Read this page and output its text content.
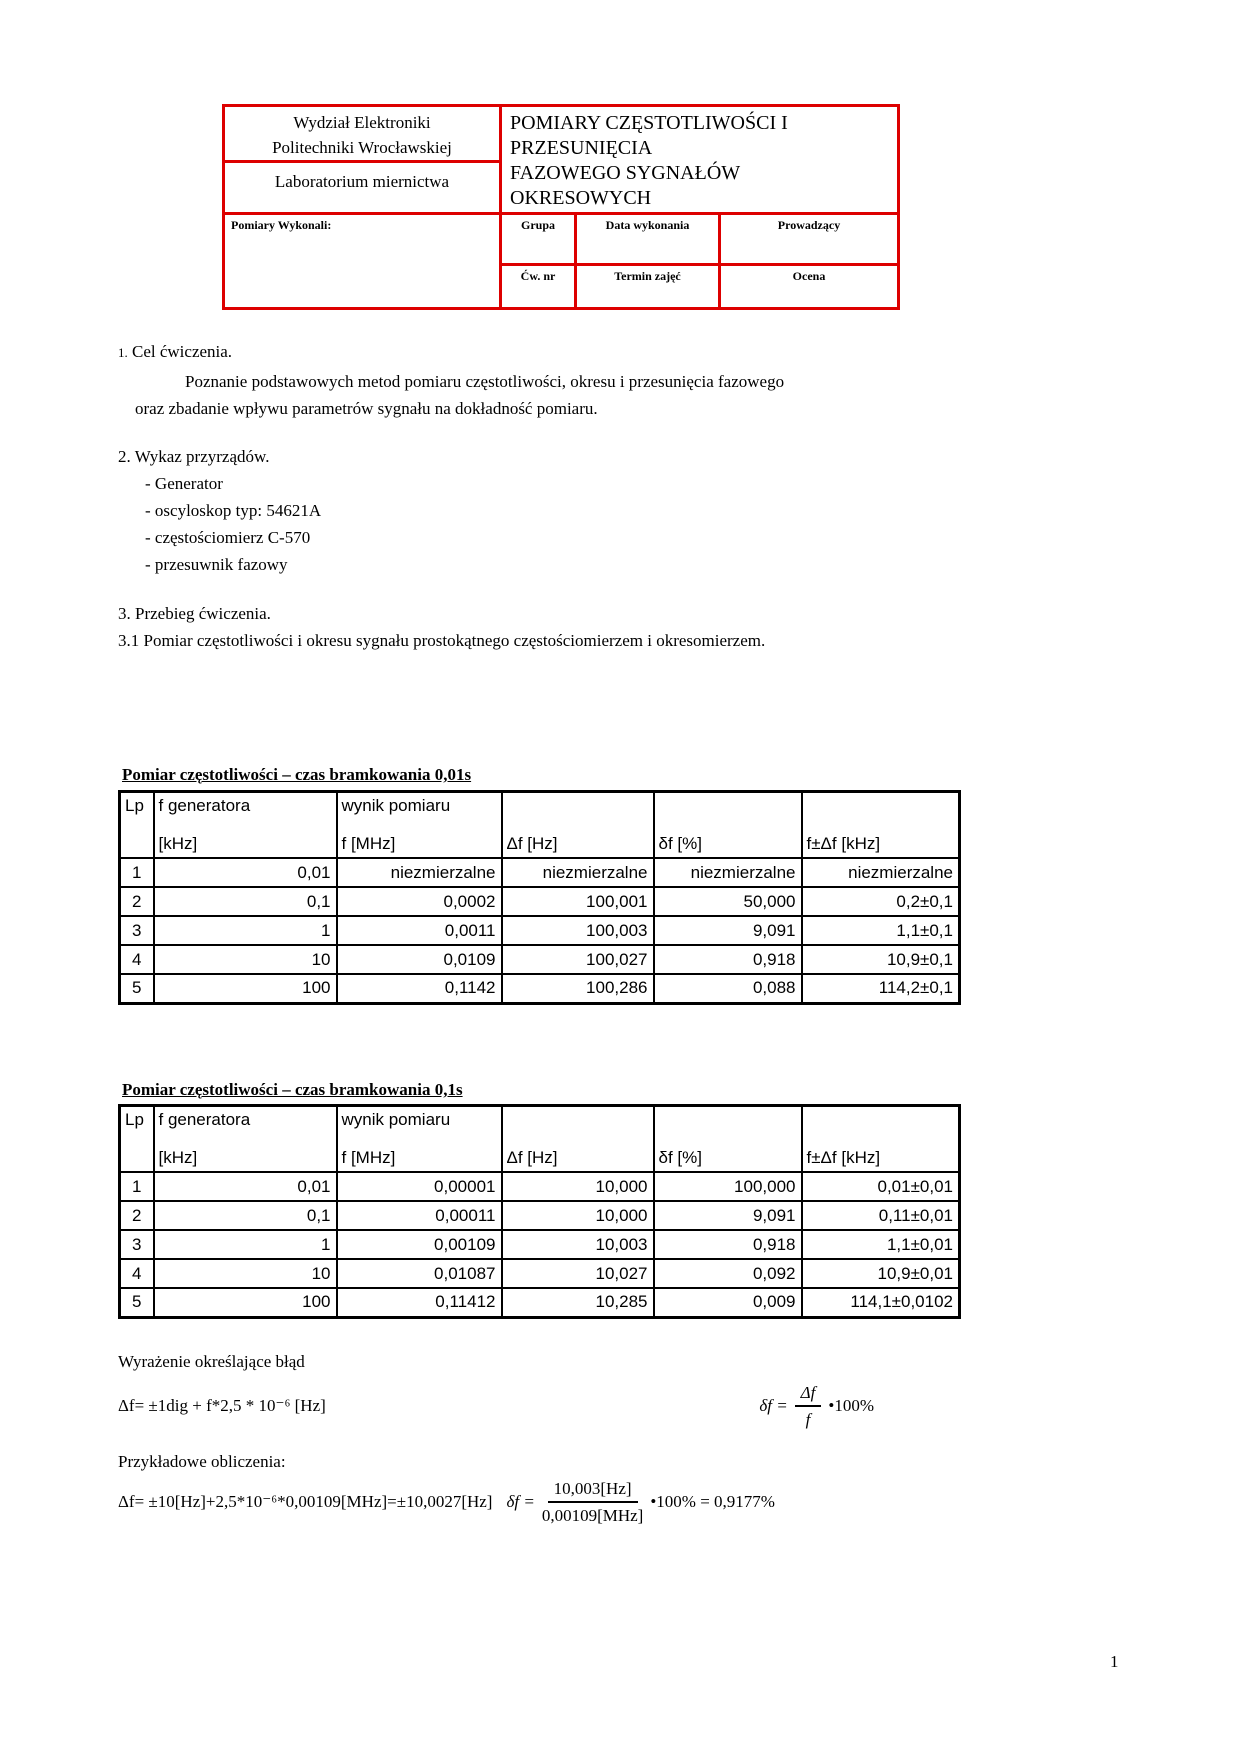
Wydział Elektroniki
Politechniki Wrocławskiej
Laboratorium miernictwa
POMIARY CZĘSTOTLIWOŚCI I
PRZESUNIĘCIA
FAZOWEGO SYGNAŁÓW
OKRESOWYCH
Pomiary Wykonali:	Grupa	Data wykonania	Prowadzący
Ćw. nr	Termin zajęć	Ocena
1. Cel ćwiczenia.
Poznanie podstawowych metod pomiaru częstotliwości, okresu i przesunięcia fazowego
oraz zbadanie wpływu parametrów sygnału na dokładność pomiaru.
2. Wykaz przyrządów.
- Generator
- oscyloskop typ: 54621A
- częstościomierz C-570
- przesuwnik fazowy
3. Przebieg ćwiczenia.
3.1 Pomiar częstotliwości i okresu sygnału prostokątnego częstościomierzem i okresomierzem.
Pomiar częstotliwości – czas bramkowania 0,01s
Lp	f generatora
[kHz]

wynik pomiaru
f [MHz]	Δf [Hz]	δf [%]	f±Δf [kHz]

1	0,01	niezmierzalne	niezmierzalne	niezmierzalne	niezmierzalne
2	0,1	0,0002	100,001	50,000	0,2±0,1
3	1	0,0011	100,003	9,091	1,1±0,1
4	10	0,0109	100,027	0,918	10,9±0,1
5	100	0,1142	100,286	0,088	114,2±0,1
Pomiar częstotliwości – czas bramkowania 0,1s
Lp	f generatora
[kHz]

wynik pomiaru
f [MHz]	Δf [Hz]	δf [%]	f±Δf [kHz]

1	0,01	0,00001	10,000	100,000	0,01±0,01
2	0,1	0,00011	10,000	9,091	0,11±0,01
3	1	0,00109	10,003	0,918	1,1±0,01
4	10	0,01087	10,027	0,092	10,9±0,01
5	100	0,11412	10,285	0,009	114,1±0,0102
Wyrażenie określające błąd
Δf= ±1dig + f*2,5 * 10⁻⁶ [Hz]	$\delta f = \frac{\Delta f}{f}$ •100%
Przykładowe obliczenia:
Δf= ±10[Hz]+2,5*10⁻⁶*0,00109[MHz]=±10,0027[Hz] $\delta f = \frac{10,003[Hz]}{\text{0,00109[MHz]}}$ •100% = 0,9177%
1
